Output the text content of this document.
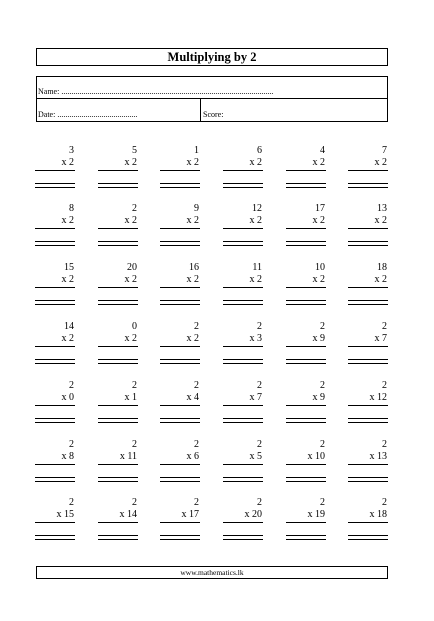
Multiplying by 2
Name: ..........................................................................................................
Date: ........................................	Score:
3
x 2
5
x 2
1
x 2
6
x 2
4
x 2
7
x 2
8
x 2
2
x 2
9
x 2
12
x 2
17
x 2
13
x 2
15
x 2
20
x 2
16
x 2
11
x 2
10
x 2
18
x 2
14
x 2
0
x 2
2
x 2
2
x 3
2
x 9
2
x 7
2
x 0
2
x 1
2
x 4
2
x 7
2
x 9
2
x 12
2
x 8
2
x 11
2
x 6
2
x 5
2
x 10
2
x 13
2
x 15
2
x 14
2
x 17
2
x 20
2
x 19
2
x 18
www.mathematics.lk
